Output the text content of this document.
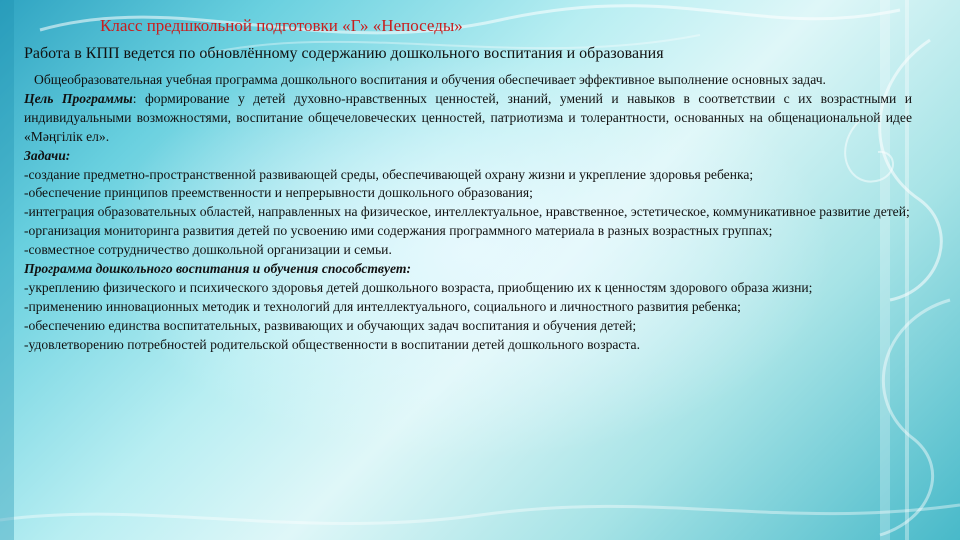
Класс предшкольной подготовки «Г» «Непоседы»
Работа в КПП ведется по обновлённому содержанию дошкольного воспитания и образования

Общеобразовательная учебная программа дошкольного воспитания и обучения обеспечивает эффективное выполнение основных задач.

Цель Программы: формирование у детей духовно-нравственных ценностей, знаний, умений и навыков в соответствии с их возрастными и индивидуальными возможностями, воспитание общечеловеческих ценностей, патриотизма и толерантности, основанных на общенациональной идее «Мәңгілік ел».

Задачи:

-создание предметно-пространственной развивающей среды, обеспечивающей охрану жизни и укрепление здоровья ребенка;

-обеспечение принципов преемственности и непрерывности дошкольного образования;

-интеграция образовательных областей, направленных на физическое, интеллектуальное, нравственное, эстетическое, коммуникативное развитие детей;

-организация мониторинга развития детей по усвоению ими содержания программного материала в разных возрастных группах;

-совместное сотрудничество дошкольной организации и семьи.

Программа дошкольного воспитания и обучения способствует:

-укреплению физического и психического здоровья детей дошкольного возраста, приобщению их к ценностям здорового образа жизни;

-применению инновационных методик и технологий для интеллектуального, социального и личностного развития ребенка;

-обеспечению единства воспитательных, развивающих и обучающих задач воспитания и обучения детей;

-удовлетворению потребностей родительской общественности в воспитании детей дошкольного возраста.
